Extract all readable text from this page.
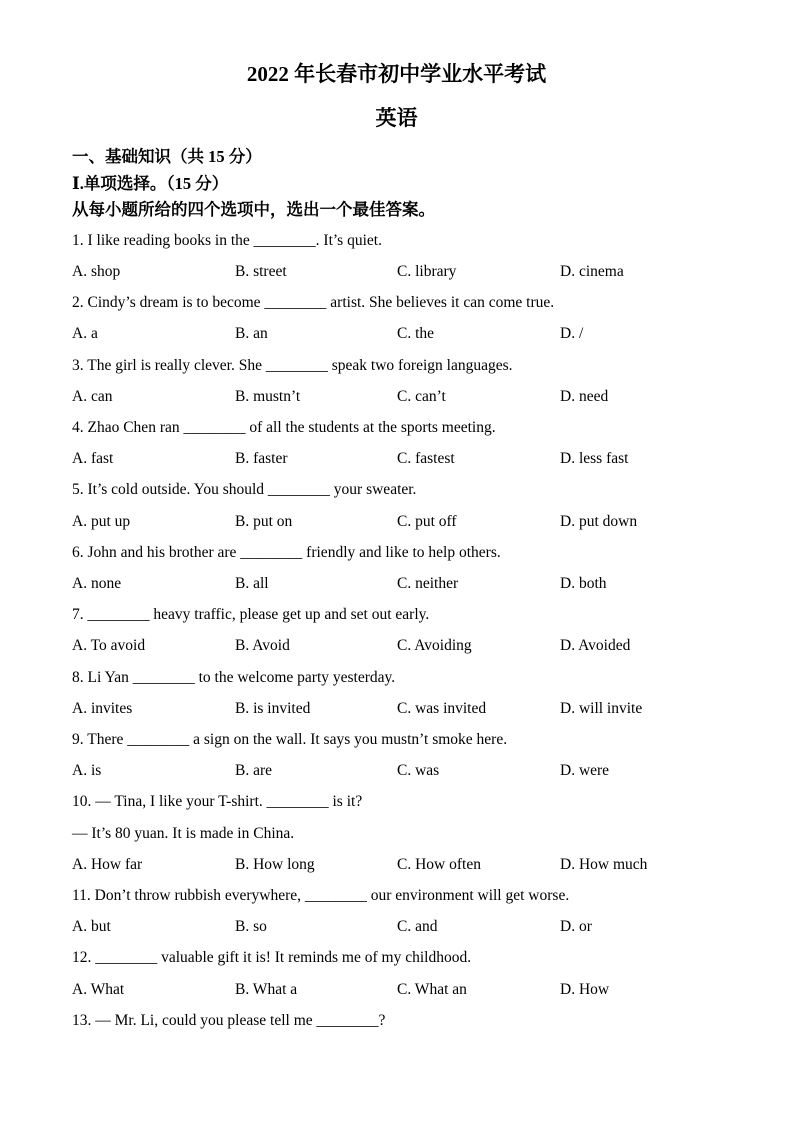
2022 年长春市初中学业水平考试

英语

一、基础知识（共 15 分）

Ⅰ.单项选择。（15 分）

从每小题所给的四个选项中，选出一个最佳答案。

1. I like reading books in the ________. It’s quiet.

A. shop	B. street	C. library	D. cinema

2. Cindy’s dream is to become ________ artist. She believes it can come true.

A. a	B. an	C. the	D. /

3. The girl is really clever. She ________ speak two foreign languages.

A. can	B. mustn’t	C. can’t	D. need

4. Zhao Chen ran ________ of all the students at the sports meeting.

A. fast	B. faster	C. fastest	D. less fast

5. It’s cold outside. You should ________ your sweater.

A. put up	B. put on	C. put off	D. put down

6. John and his brother are ________ friendly and like to help others.

A. none	B. all	C. neither	D. both

7. ________ heavy traffic, please get up and set out early.

A. To avoid	B. Avoid	C. Avoiding	D. Avoided

8. Li Yan ________ to the welcome party yesterday.

A. invites	B. is invited	C. was invited	D. will invite

9. There ________ a sign on the wall. It says you mustn’t smoke here.

A. is	B. are	C. was	D. were

10. — Tina, I like your T-shirt. ________ is it?

— It’s 80 yuan. It is made in China.

A. How far	B. How long	C. How often	D. How much

11. Don’t throw rubbish everywhere, ________ our environment will get worse.

A. but	B. so	C. and	D. or

12. ________ valuable gift it is! It reminds me of my childhood.

A. What	B. What a	C. What an	D. How

13. — Mr. Li, could you please tell me ________?
